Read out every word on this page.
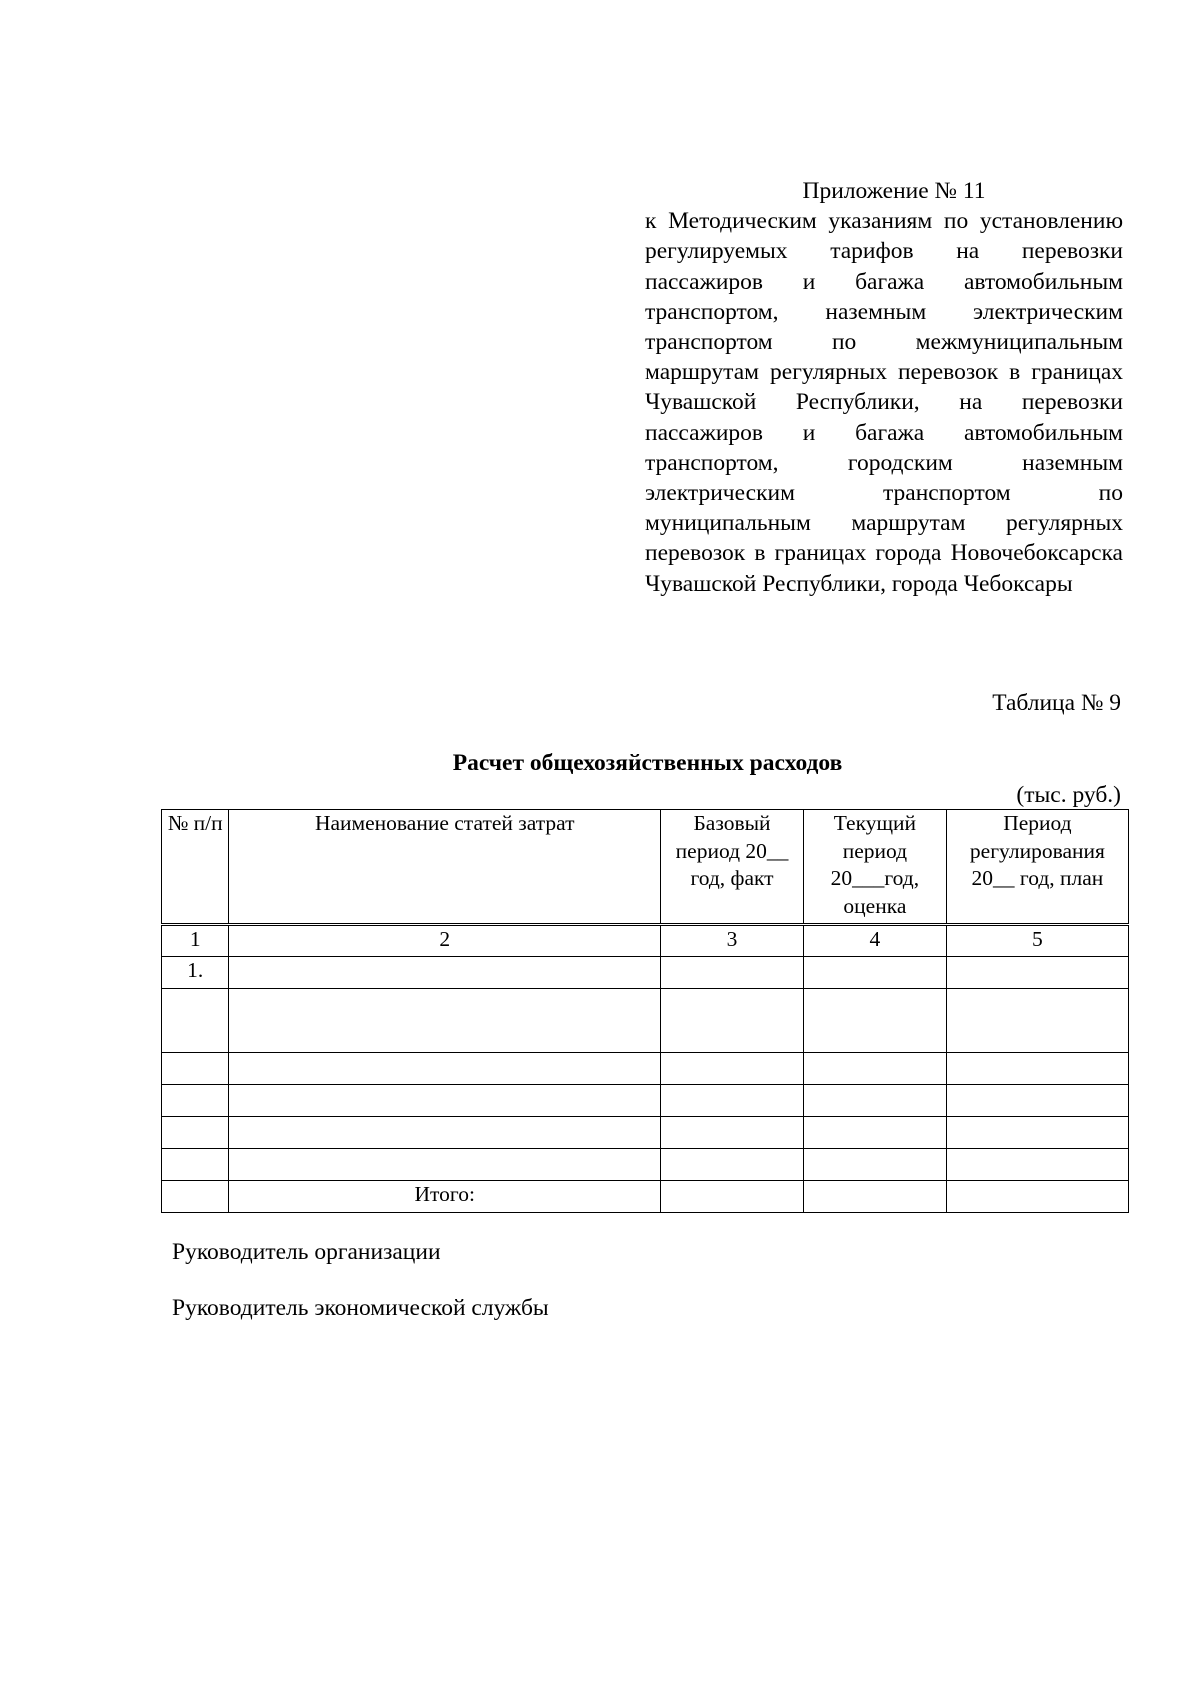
Приложение № 11
к Методическим указаниям по установлению регулируемых тарифов на перевозки пассажиров и багажа автомобильным транспортом, наземным электрическим транспортом по межмуниципальным маршрутам регулярных перевозок в границах Чувашской Республики, на перевозки пассажиров и багажа автомобильным транспортом, городским наземным электрическим транспортом по муниципальным маршрутам регулярных перевозок в границах города Новочебоксарска Чувашской Республики, города Чебоксары
Таблица № 9
Расчет общехозяйственных расходов
(тыс. руб.)
№ п/п	Наименование статей затрат	Базовый период 20__ год, факт	Текущий период 20___год, оценка	Период регулирования 20__ год, план
1	2	3	4	5
1.				

	Итого:			
Руководитель организации
Руководитель экономической службы
